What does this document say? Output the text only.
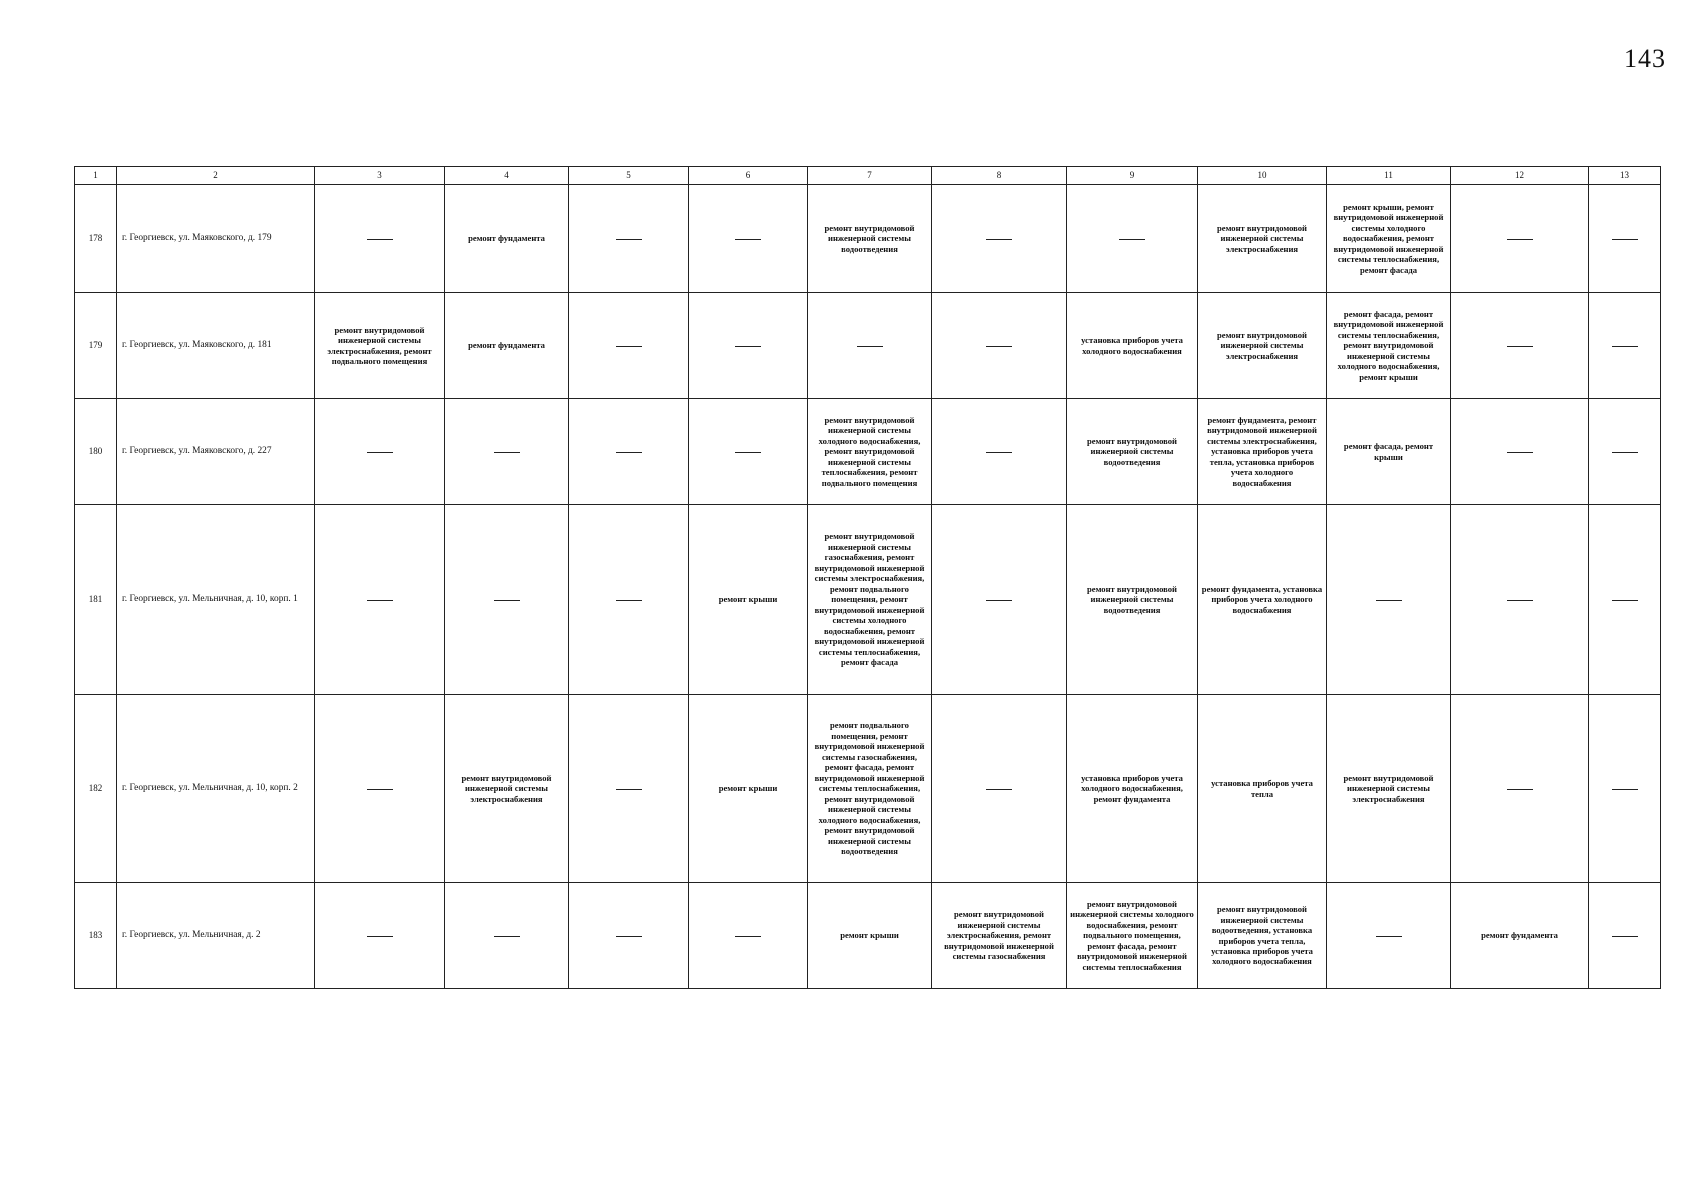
143
1	2	3	4	5	6	7	8	9	10	11	12	13
178	г. Георгиевск, ул. Маяковского, д. 179		ремонт фундамента			ремонт внутридомовой инженерной системы водоотведения			ремонт внутридомовой инженерной системы электроснабжения	ремонт крыши, ремонт внутридомовой инженерной системы холодного водоснабжения, ремонт внутридомовой инженерной системы теплоснабжения, ремонт фасада		
179	г. Георгиевск, ул. Маяковского, д. 181	ремонт внутридомовой инженерной системы электроснабжения, ремонт подвального помещения	ремонт фундамента					установка приборов учета холодного водоснабжения	ремонт внутридомовой инженерной системы электроснабжения	ремонт фасада, ремонт внутридомовой инженерной системы теплоснабжения, ремонт внутридомовой инженерной системы холодного водоснабжения, ремонт крыши		
180	г. Георгиевск, ул. Маяковского, д. 227					ремонт внутридомовой инженерной системы холодного водоснабжения, ремонт внутридомовой инженерной системы теплоснабжения, ремонт подвального помещения		ремонт внутридомовой инженерной системы водоотведения	ремонт фундамента, ремонт внутридомовой инженерной системы электроснабжения, установка приборов учета тепла, установка приборов учета холодного водоснабжения	ремонт фасада, ремонт крыши		
181	г. Георгиевск, ул. Мельничная, д. 10, корп. 1				ремонт крыши	ремонт внутридомовой инженерной системы газоснабжения, ремонт внутридомовой инженерной системы электроснабжения, ремонт подвального помещения, ремонт внутридомовой инженерной системы холодного водоснабжения, ремонт внутридомовой инженерной системы теплоснабжения, ремонт фасада		ремонт внутридомовой инженерной системы водоотведения	ремонт фундамента, установка приборов учета холодного водоснабжения			
182	г. Георгиевск, ул. Мельничная, д. 10, корп. 2		ремонт внутридомовой инженерной системы электроснабжения		ремонт крыши	ремонт подвального помещения, ремонт внутридомовой инженерной системы газоснабжения, ремонт фасада, ремонт внутридомовой инженерной системы теплоснабжения, ремонт внутридомовой инженерной системы холодного водоснабжения, ремонт внутридомовой инженерной системы водоотведения		установка приборов учета холодного водоснабжения, ремонт фундамента	установка приборов учета тепла	ремонт внутридомовой инженерной системы электроснабжения		
183	г. Георгиевск, ул. Мельничная, д. 2					ремонт крыши	ремонт внутридомовой инженерной системы электроснабжения, ремонт внутридомовой инженерной системы газоснабжения	ремонт внутридомовой инженерной системы холодного водоснабжения, ремонт подвального помещения, ремонт фасада, ремонт внутридомовой инженерной системы теплоснабжения	ремонт внутридомовой инженерной системы водоотведения, установка приборов учета тепла, установка приборов учета холодного водоснабжения		ремонт фундамента	
